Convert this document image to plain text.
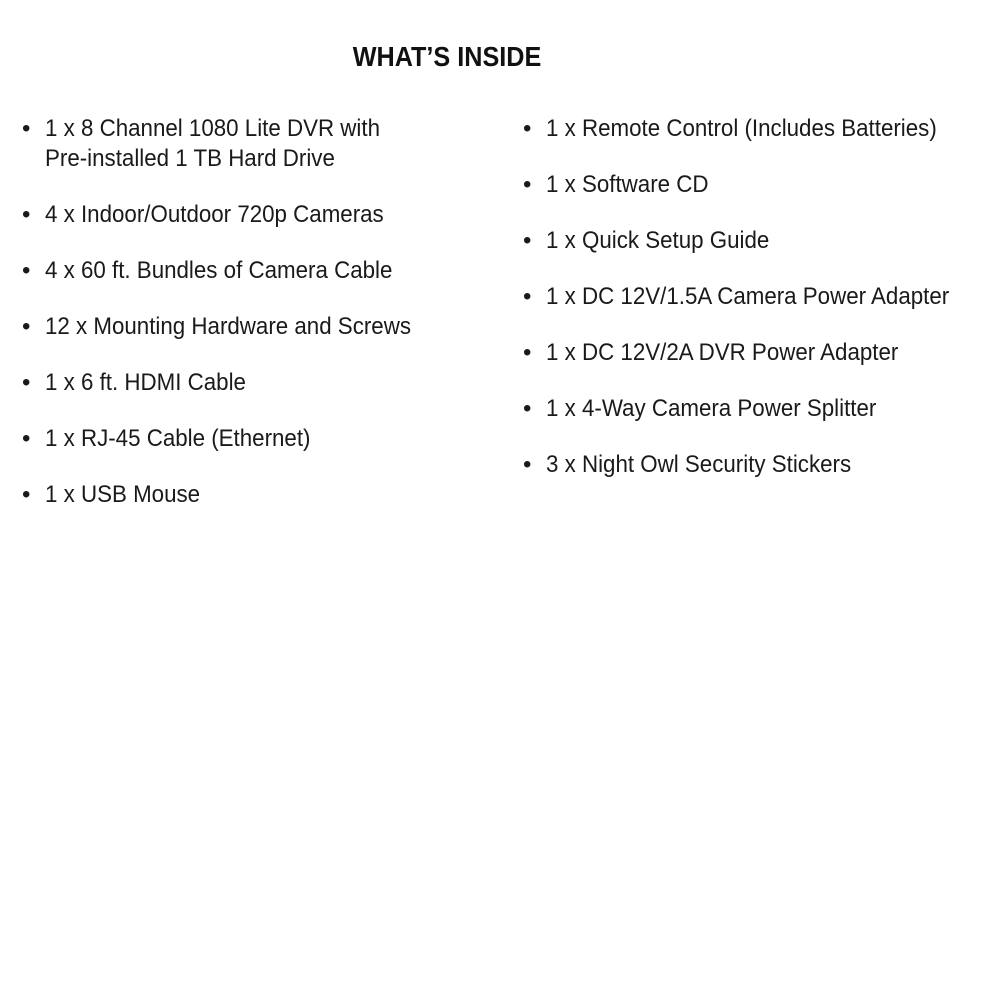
WHAT’S INSIDE
• 1 x 8 Channel 1080 Lite DVR with Pre-installed 1 TB Hard Drive
• 4 x Indoor/Outdoor 720p Cameras
• 4 x 60 ft. Bundles of Camera Cable
• 12 x Mounting Hardware and Screws
• 1 x 6 ft. HDMI Cable
• 1 x RJ-45 Cable (Ethernet)
• 1 x USB Mouse
• 1 x Remote Control (Includes Batteries)
• 1 x Software CD
• 1 x Quick Setup Guide
• 1 x DC 12V/1.5A Camera Power Adapter
• 1 x DC 12V/2A DVR Power Adapter
• 1 x 4-Way Camera Power Splitter
• 3 x Night Owl Security Stickers
